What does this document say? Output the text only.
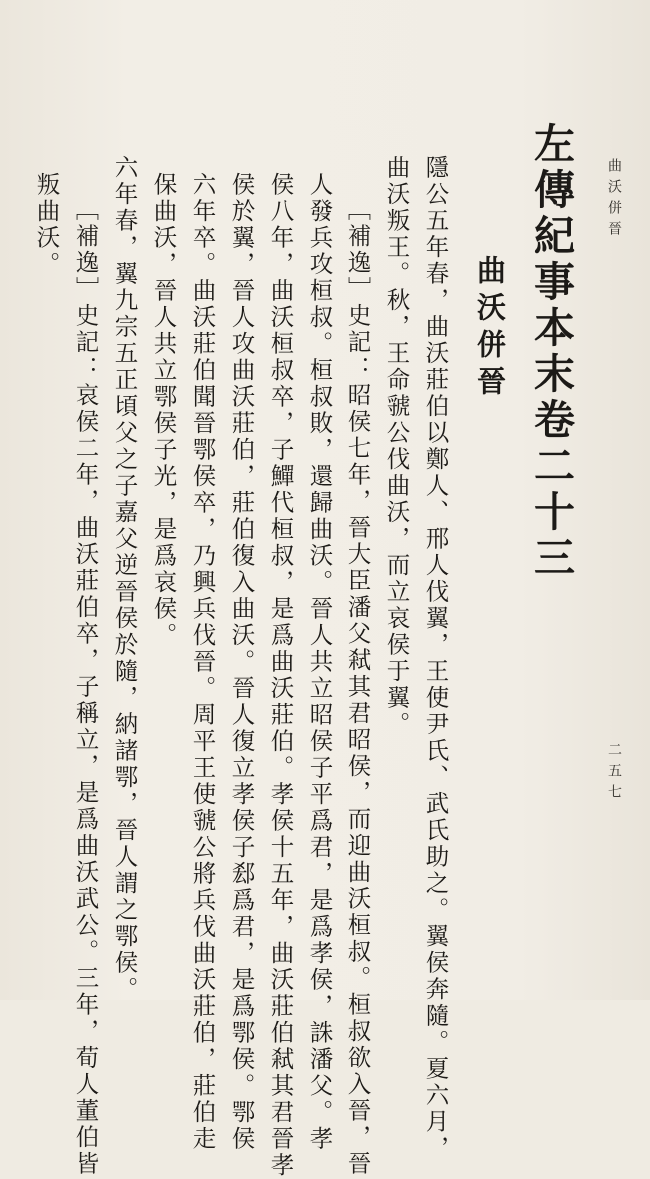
左傳紀事本末卷二十三
曲沃併晉
隱公五年春，曲沃莊伯以鄭人、邢人伐翼，王使尹氏、武氏助之。翼侯奔隨。夏六月，
曲沃叛王。秋，王命虢公伐曲沃，而立哀侯于翼。
［補逸］史記：昭侯七年，晉大臣潘父弒其君昭侯，而迎曲沃桓叔。桓叔欲入晉，晉
人發兵攻桓叔。桓叔敗，還歸曲沃。晉人共立昭侯子平爲君，是爲孝侯，誅潘父。孝
侯八年，曲沃桓叔卒，子鱓代桓叔，是爲曲沃莊伯。孝侯十五年，曲沃莊伯弒其君晉孝
侯於翼，晉人攻曲沃莊伯，莊伯復入曲沃。晉人復立孝侯子郄爲君，是爲鄂侯。鄂侯
六年卒。曲沃莊伯聞晉鄂侯卒，乃興兵伐晉。周平王使虢公將兵伐曲沃莊伯，莊伯走
保曲沃，晉人共立鄂侯子光，是爲哀侯。
六年春，翼九宗五正頃父之子嘉父逆晉侯於隨，納諸鄂，晉人謂之鄂侯。
［補逸］史記：哀侯二年，曲沃莊伯卒，子稱立，是爲曲沃武公。三年，荀人董伯皆
叛曲沃。	曲沃併晉
二五七
